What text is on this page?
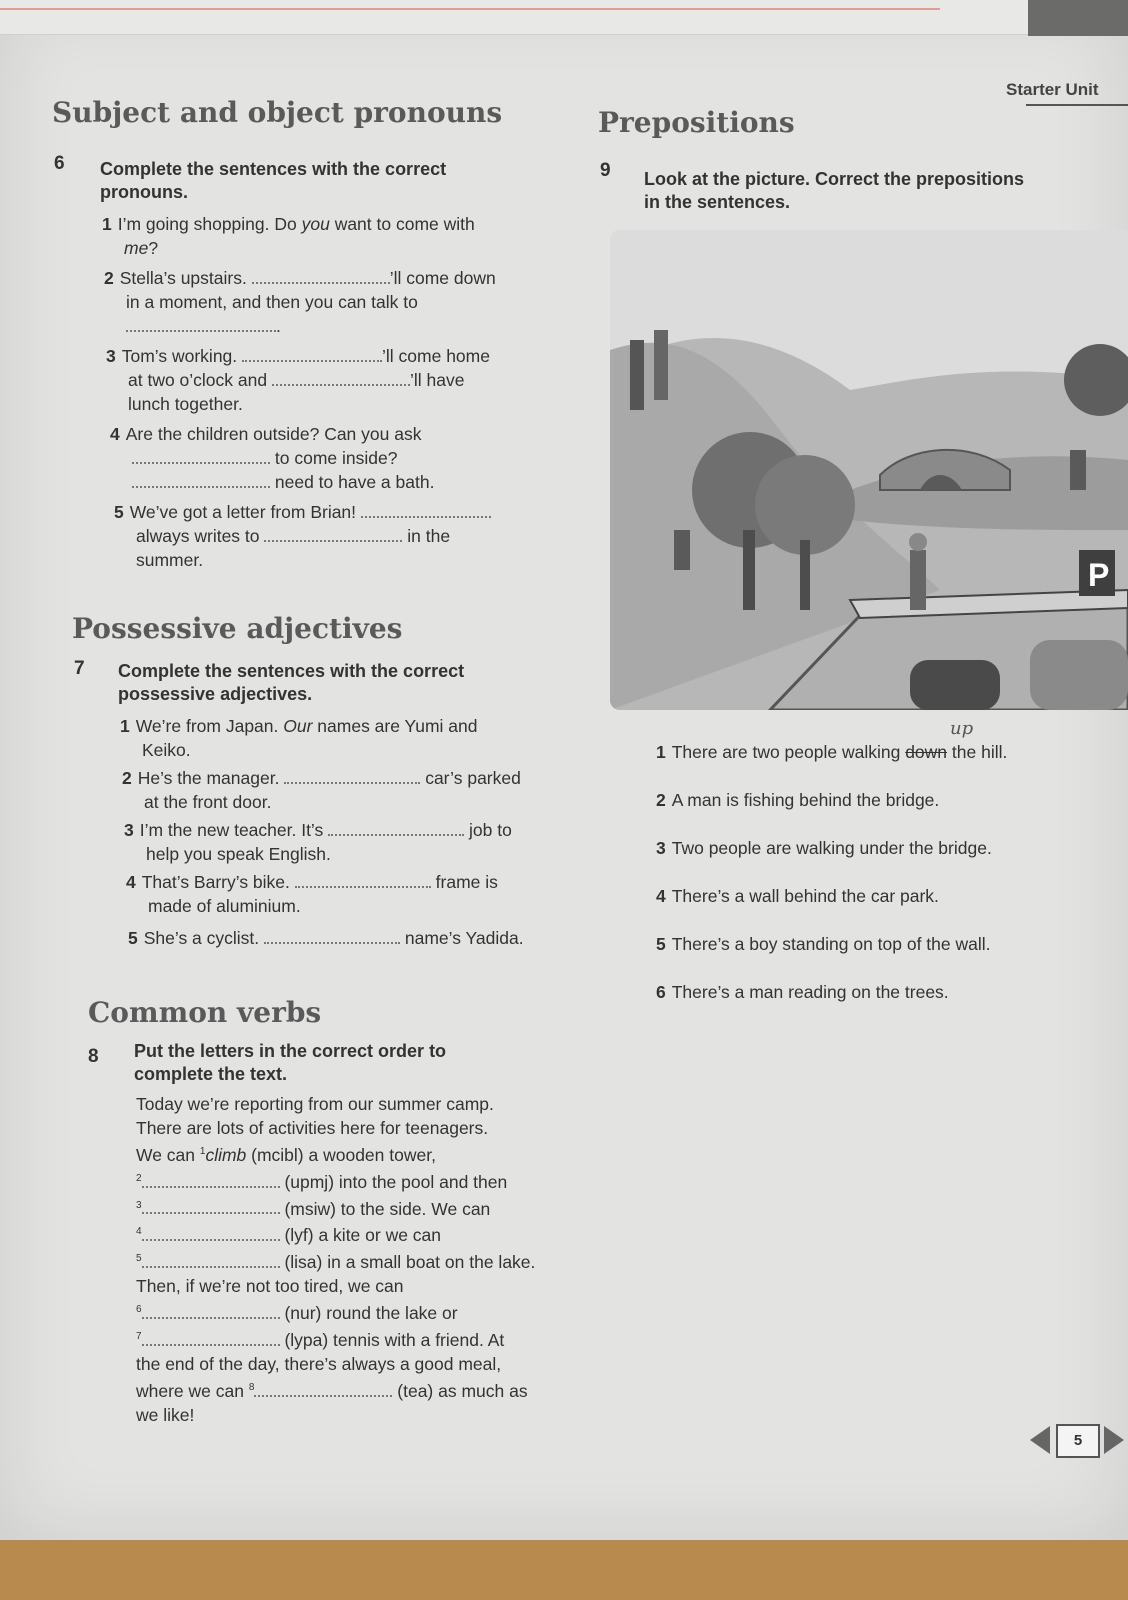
Starter Unit
Subject and object pronouns	Prepositions
Possessive adjectives
Common verbs
6 Complete the sentences with the correct
pronouns.
1 I’m going shopping. Do you want to come with
me?
2 Stella’s upstairs.	’ll come down
in a moment, and then you can talk to
.
3 Tom’s working.	’ll come home
at two o’clock and	’ll have
lunch together.
4 Are the children outside? Can you ask
to come inside?
need to have a bath.
5 We’ve got a letter from Brian!
always writes to	in the
summer.
7 Complete the sentences with the correct
possessive adjectives.
1 We’re from Japan. Our names are Yumi and
Keiko.
2 He’s the manager.	car’s parked
at the front door.
3 I’m the new teacher. It’s	job to
help you speak English.
4 That’s Barry’s bike.	frame is
made of aluminium.
5 She’s a cyclist.	name’s Yadida.
8 Put the letters in the correct order to
complete the text.
Today we’re reporting from our summer camp.
There are lots of activities here for teenagers.
We can $^1$climb (mcibl) a wooden tower,
$^2$	(upmj) into the pool and then
$^3$	(msiw) to the side. We can
$^4$	(lyf) a kite or we can
$^5$	(lisa) in a small boat on the lake.
Then, if we’re not too tired, we can
$^6$	(nur) round the lake or
$^7$	(lypa) tennis with a friend. At
the end of the day, there’s always a good meal,
where we can $^8$	(tea) as much as
we like!
9 Look at the picture. Correct the prepositions
in the sentences.
P
up
1 There are two people walking down the hill.
2 A man is fishing behind the bridge.
3 Two people are walking under the bridge.
4 There’s a wall behind the car park.
5 There’s a boy standing on top of the wall.
6 There’s a man reading on the trees.
5
